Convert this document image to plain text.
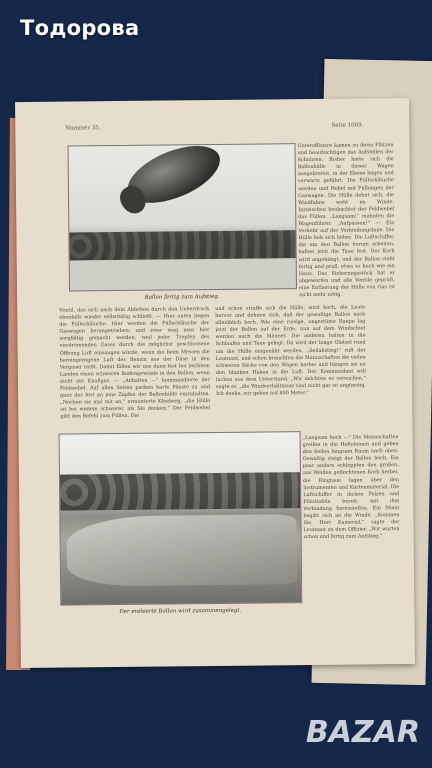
Тодорова
Nummer 35.	Seite 1069.
Ballon fertig zum Aufstieg.
Ventil, das sich nach dem Abheben durch den Ueberdruck ebenfalls wieder selbsttätig schließt. — Hier unten liegen die Füllschläuche. Hier werden die Füllschläuche der Gaswagen herangetrieben, und zwar mag man hier sorgfältig gemacht werden, weil jeder Tropfen des einströmenden Gases durch die möglichst geschlossene Öffnung Luft einsaugen würde, wenn die beim Messen die hereingezogene Luft des Benzin aus der Düse in den Vergaser reißt. Damit füllen wir uns dann fest bei leichtem Landen einen schweren Bodengewinde in den Ballon, wenn nicht zur Knallgas. — „Anhalten —“ kommandierte der Feldwebel. Auf allen Seiten packen harte Fäuste zu und ganz der fest an jene Zapfen der Ballonhülle einzuhalten. „Nochen sie mal mit an,“ ermunterte Kleeberg, „die Hülle ist bei weitem schwerer, als Sie denken.“ Der Feldwebel gibt den Befehl zum Füllen. Die
und schon straffe sich die Hülle, wird hoch, die Leute hervor und dehnen sich, daß der gewaltige Ballon nach allmählich hoch. Wie eine riesige, ungestüme Raupe lag jetzt der Ballon auf der Erde, nun auf dem Windschief werden auch die Männer. Die anderen halten in die Schlaufen und Taue gelegt. Da wird der lange Glatzel rund um die Hülle eingenäht werden. „Seilabstieg!“ ruft der Leutnant, und schon brauchten die Mannschaften die vielen schweren Säcke von den Wagen herbei und hängen sie an den blanken Haken in die Luft. Der Kommandant will lachen aus dem Unterstand. „Wir möchten es versuchen,“ sagte er, „die Windverhältnisse sind nicht gar so ungünstig. Ich denke, wir gehen auf 800 Meter.“
Unteroffiziere kamen zu ihren Plätzen und beaufsichtigen das Aufstellen der Schnüren. Bisher hatte sich die Ballonhülle in dieser Wagen ausgebreitet, in der Ebene liegen und vorwärts geführt. Die Füllschläuche werden und Hebel mit Füllungen der Gaswagen. Die Hülle dehnt sich, die Windfahne weht im Winde. Inzwischen beobachtet der Feldwebel das Füllen. „Langsam!“ mahnten die Wagenführer. „Aufpassen!“ — Ein Verkehr auf der Verbindungslinie. Die Hülle hob sich höher. Die Luftschiffer, die um den Ballon herum arbeiten, halten jetzt die Taue fest. Der Korb wird angehängt, und der Ballon steht fertig und prall, etwa so hoch wie ein Haus. Das Sicherungsstück hat er abgeworfen und alle Ventile geprüft, eine Entlastung der Hülle von Gas ist nicht mehr nötig.
Der entleerte Ballon wird zusammengelegt.
„Langsam hoch —“ Die Mannschaften greifen in die Halteleinen und geben den Seilen langsam Raum nach oben. Gewaltig steigt der Ballon hoch. Ein paar andere schleppten den großen, aus Weiden geflochtenen Korb herbei, die Ringtaue lagen über den Instrumenten und Kartenmaterial. Die Luftschiffer in dicken Pelzen und Filzstiefeln bereit, mit ihm Verbindung herzustellen. Ein Mann begibt sich an die Winde. „Kommen Sie, Herr Kamerad,“ sagte der Leutnant zu dem Offizier. „Wir warten schon und fertig zum Aufstieg.“
BAZAR
